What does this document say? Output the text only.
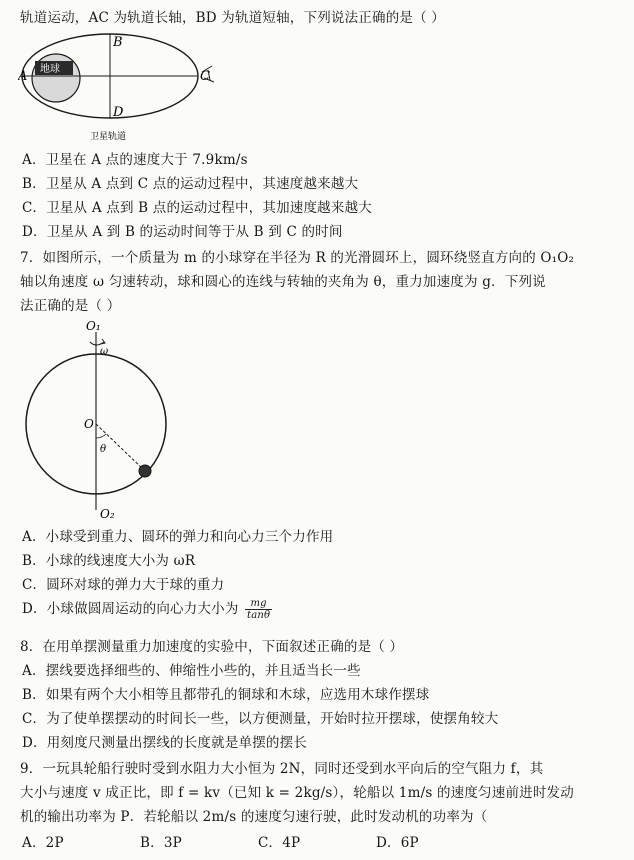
轨道运动，AC 为轨道长轴，BD 为轨道短轴，下列说法正确的是（ ）
地球
A
B
C
D
卫星轨道
A．卫星在 A 点的速度大于 7.9km/s
B．卫星从 A 点到 C 点的运动过程中，其速度越来越大
C．卫星从 A 点到 B 点的运动过程中，其加速度越来越大
D．卫星从 A 到 B 的运动时间等于从 B 到 C 的时间
7．如图所示，一个质量为 m 的小球穿在半径为 R 的光滑圆环上，圆环绕竖直方向的 O₁O₂
轴以角速度 ω 匀速转动，球和圆心的连线与转轴的夹角为 θ，重力加速度为 g．下列说
法正确的是（ ）
O₁
ω
O
θ
O₂
A．小球受到重力、圆环的弹力和向心力三个力作用
B．小球的线速度大小为 ωR
C．圆环对球的弹力大于球的重力
D．小球做圆周运动的向心力大小为 $\frac{mg}{\tan\theta}$
8．在用单摆测量重力加速度的实验中，下面叙述正确的是（ ）
A．摆线要选择细些的、伸缩性小些的，并且适当长一些
B．如果有两个大小相等且都带孔的铜球和木球，应选用木球作摆球
C．为了使单摆摆动的时间长一些，以方便测量，开始时拉开摆球，使摆角较大
D．用刻度尺测量出摆线的长度就是单摆的摆长
9．一玩具轮船行驶时受到水阻力大小恒为 2N，同时还受到水平向后的空气阻力 f，其
大小与速度 v 成正比，即 f = kv（已知 k = 2kg/s），轮船以 1m/s 的速度匀速前进时发动
机的输出功率为 P．若轮船以 2m/s 的速度匀速行驶，此时发动机的功率为（
A．2P	B．3P	C．4P	D．6P
